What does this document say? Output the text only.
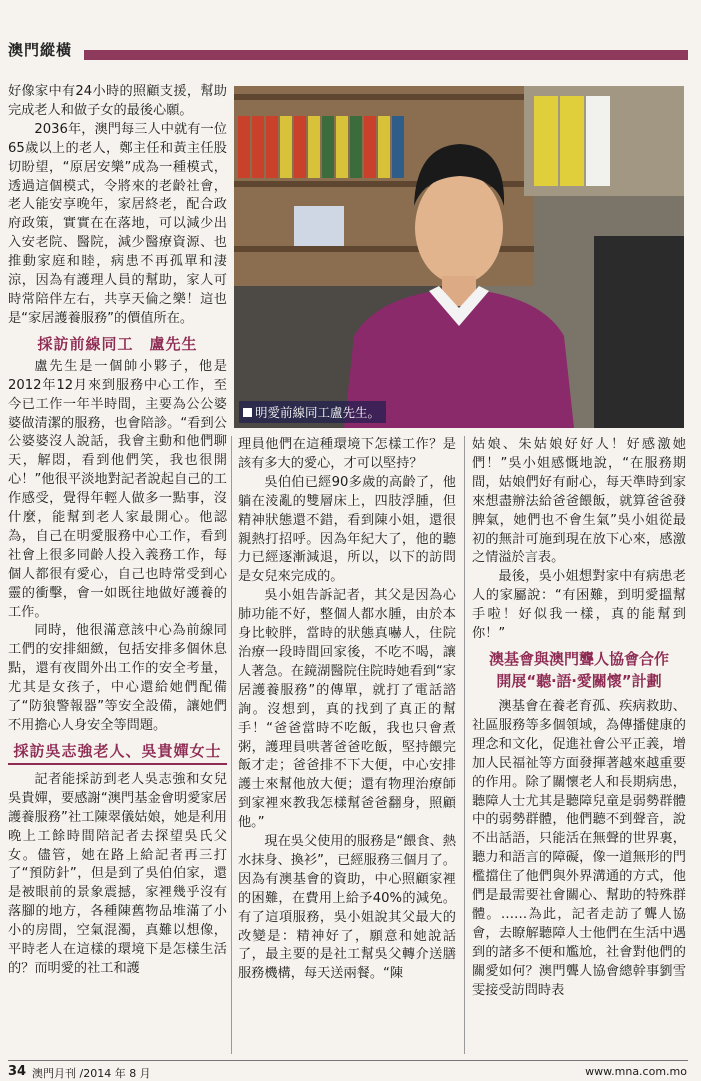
澳門縱橫
明愛前線同工盧先生。

好像家中有24小時的照顧支援，幫助完成老人和做子女的最後心願。

2036年，澳門每三人中就有一位65歲以上的老人，鄭主任和黃主任股切盼望，“原居安樂”成為一種模式，透過這個模式，令將來的老齡社會，老人能安享晚年，家居終老，配合政府政策，實實在在落地，可以減少出入安老院、醫院，減少醫療資源、也推動家庭和睦，病患不再孤單和淒涼，因為有護理人員的幫助，家人可時常陪伴左右，共享天倫之樂！這也是“家居護養服務”的價值所在。

採訪前線同工　盧先生

盧先生是一個帥小夥子，他是2012年12月來到服務中心工作，至今已工作一年半時間，主要為公公婆婆做清潔的服務，也會陪診。“看到公公婆婆沒人說話，我會主動和他們聊天，解悶，看到他們笑，我也很開心！”他很平淡地對記者說起自己的工作感受，覺得年輕人做多一點事，沒什麼，能幫到老人家最開心。他認為，自己在明愛服務中心工作，看到社會上很多同齡人投入義務工作，每個人都很有愛心，自己也時常受到心靈的衝擊，會一如既往地做好護養的工作。

同時，他很滿意該中心為前線同工們的安排細緻，包括安排多個休息點，還有夜間外出工作的安全考量，尤其是女孩子，中心還給她們配備了“防狼警報器”等安全設備，讓她們不用擔心人身安全等問題。

採訪吳志強老人、吳貴嬋女士

記者能採訪到老人吳志強和女兒吳貴嬋，要感謝“澳門基金會明愛家居護養服務”社工陳翠儀姑娘，她是利用晚上工餘時間陪記者去探望吳氏父女。儘管，她在路上給記者再三打了“預防針”，但是到了吳伯伯家，還是被眼前的景象震撼，家裡幾乎沒有落腳的地方，各種陳舊物品堆滿了小小的房間，空氣混濁，真難以想像，平時老人在這樣的環境下是怎樣生活的？而明愛的社工和護

理員他們在這種環境下怎樣工作？是該有多大的愛心，才可以堅持？

吳伯伯已經90多歲的高齡了，他躺在淩亂的雙層床上，四肢浮腫，但精神狀態還不錯，看到陳小姐，還很親熱打招呼。因為年紀大了，他的聽力已經逐漸減退，所以，以下的訪問是女兒來完成的。

吳小姐告訴記者，其父是因為心肺功能不好，整個人都水腫，由於本身比較胖，當時的狀態真嚇人，住院治療一段時間回家後，不吃不喝，讓人著急。在鏡湖醫院住院時她看到“家居護養服務”的傳單，就打了電話諮詢。沒想到，真的找到了真正的幫手！“爸爸當時不吃飯，我也只會煮粥，護理員哄著爸爸吃飯，堅持餵完飯才走；爸爸排不下大便，中心安排護士來幫他放大便；還有物理治療師到家裡來教我怎樣幫爸爸翻身，照顧他。”

現在吳父使用的服務是“餵食、熱水抹身、換衫”，已經服務三個月了。因為有澳基會的資助，中心照顧家裡的困難，在費用上給予40%的減免。有了這項服務，吳小姐說其父最大的改變是：精神好了，願意和她說話了，最主要的是社工幫吳父轉介送膳服務機構，每天送兩餐。“陳

姑娘、朱姑娘好好人！好感激她們！”吳小姐感慨地說，“在服務期間，姑娘們好有耐心，每天準時到家來想盡辦法給爸爸餵飯，就算爸爸發脾氣，她們也不會生氣”吳小姐從最初的無計可施到現在放下心來，感激之情溢於言表。

最後，吳小姐想對家中有病患老人的家屬說：“有困難，到明愛搵幫手啦！好似我一樣，真的能幫到你！”

澳基會與澳門聾人協會合作
開展“聽‧語‧愛關懷”計劃

澳基會在養老育孤、疾病救助、社區服務等多個領域，為傳播健康的理念和文化，促進社會公平正義，增加人民福祉等方面發揮著越來越重要的作用。除了關懷老人和長期病患，聽障人士尤其是聽障兒童是弱勢群體中的弱勢群體，他們聽不到聲音，說不出話語，只能活在無聲的世界裏，聽力和語言的障礙，像一道無形的門檻擋住了他們與外界溝通的方式，他們是最需要社會關心、幫助的特殊群體。……為此，記者走訪了聾人協會，去瞭解聽障人士他們在生活中遇到的諸多不便和尷尬，社會對他們的關愛如何？澳門聾人協會總幹事劉雪雯接受訪問時表

34 澳門月刊 /2014 年 8 月	www.mna.com.mo
